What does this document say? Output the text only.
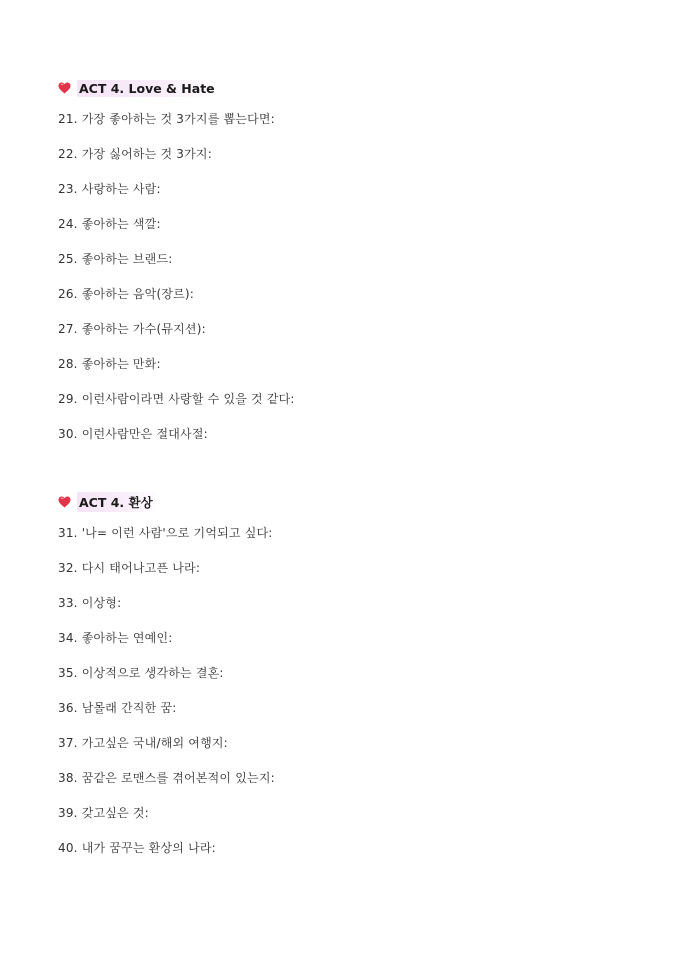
ACT 4. Love & Hate
21. 가장 좋아하는 것 3가지를 뽑는다면:
22. 가장 싫어하는 것 3가지:
23. 사랑하는 사람:
24. 좋아하는 색깔:
25. 좋아하는 브랜드:
26. 좋아하는 음악(장르):
27. 좋아하는 가수(뮤지션):
28. 좋아하는 만화:
29. 이런사람이라면 사랑할 수 있을 것 같다:
30. 이런사람만은 절대사절:
ACT 4. 환상
31. '나= 이런 사람'으로 기억되고 싶다:
32. 다시 태어나고픈 나라:
33. 이상형:
34. 좋아하는 연예인:
35. 이상적으로 생각하는 결혼:
36. 남몰래 간직한 꿈:
37. 가고싶은 국내/해외 여행지:
38. 꿈같은 로맨스를 겪어본적이 있는지:
39. 갖고싶은 것:
40. 내가 꿈꾸는 환상의 나라:
